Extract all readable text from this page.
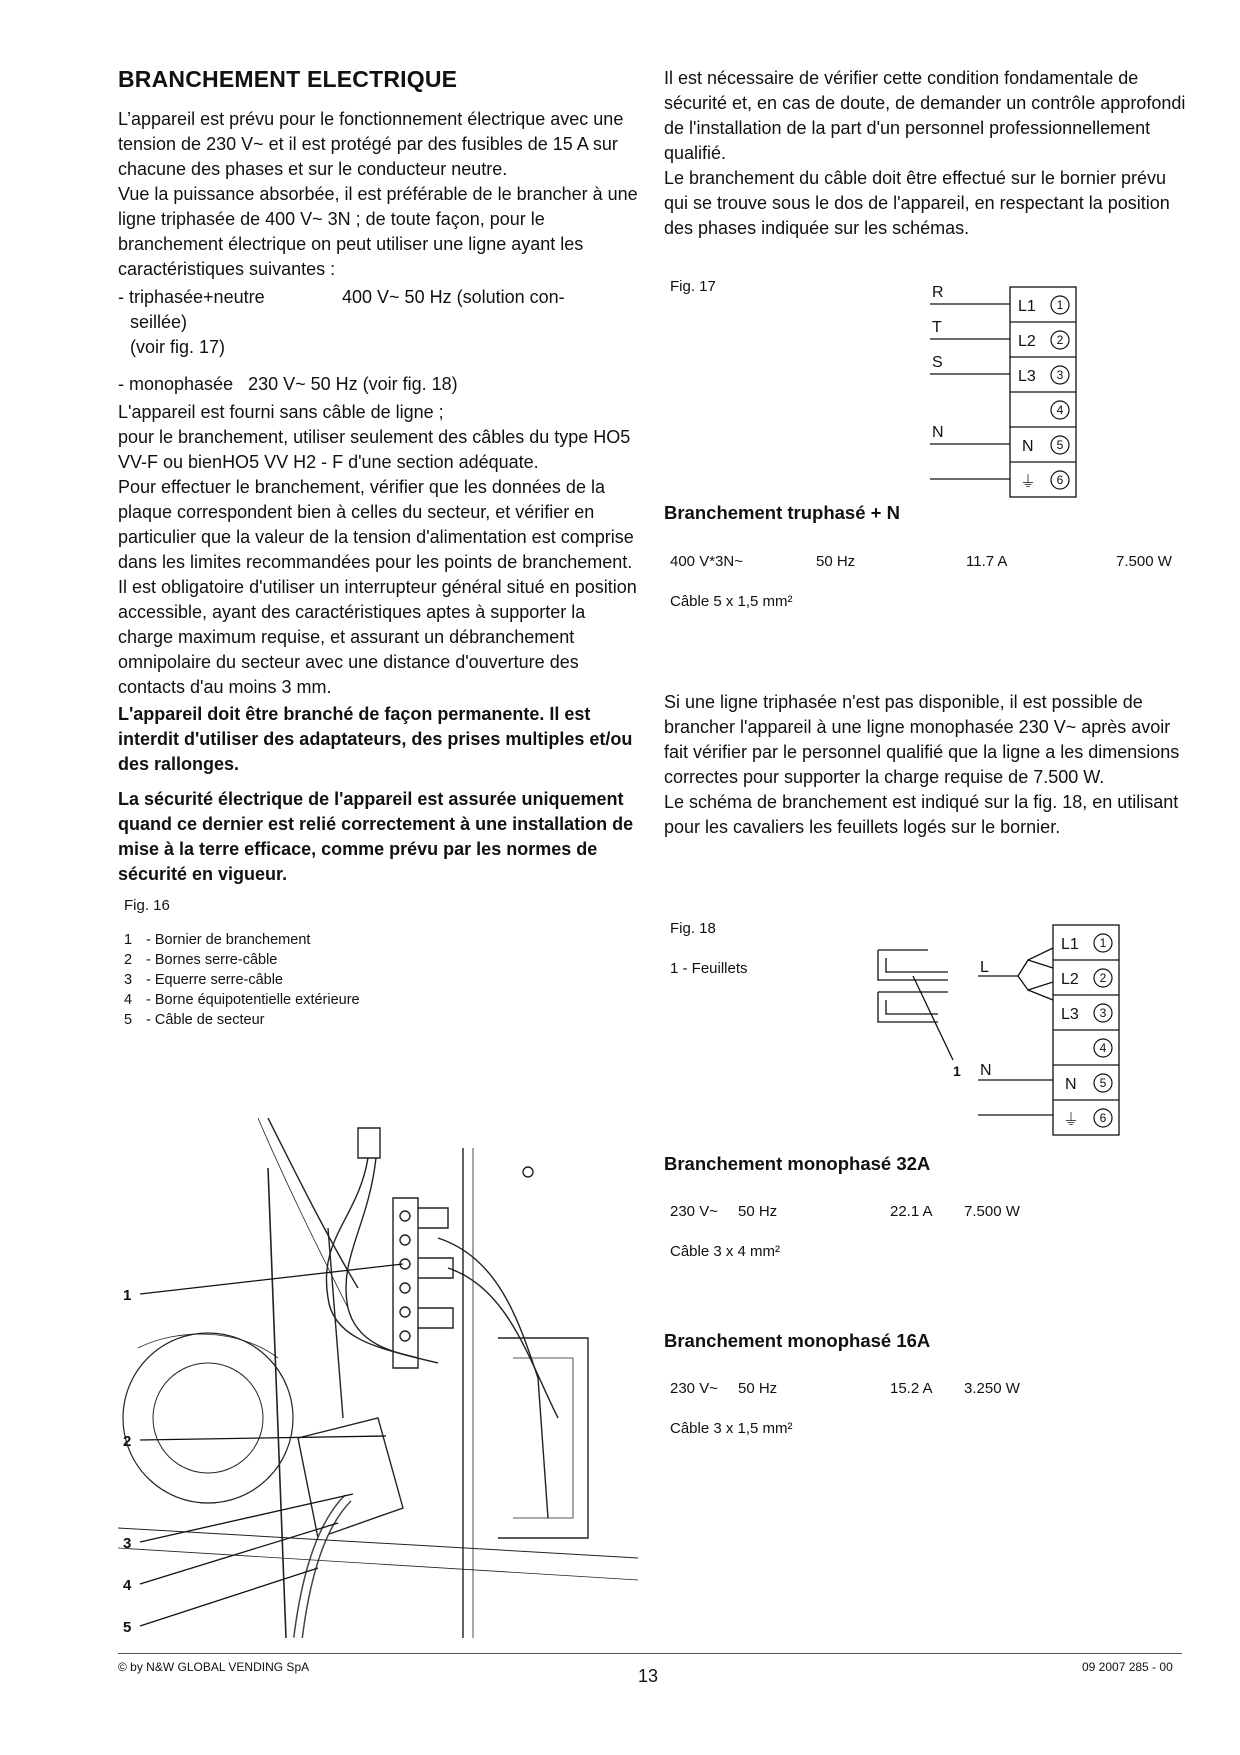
BRANCHEMENT ELECTRIQUE

L’appareil est prévu pour le fonctionnement électrique avec une tension de 230 V~ et il est protégé par des fusibles de 15 A sur chacune des phases et sur le conducteur neutre.

Vue la puissance absorbée, il est préférable de le brancher à une ligne triphasée de 400 V~ 3N ; de toute façon, pour le branchement électrique on peut utiliser une ligne ayant les caractéristiques suivantes :

- triphasée+neutre	400 V~ 50 Hz (solution con-
seillée)
(voir fig. 17)

- monophasée   230 V~ 50 Hz (voir fig. 18)

L'appareil est fourni sans câble de ligne ;

pour le branchement, utiliser seulement des câbles du type HO5 VV-F ou bienHO5 VV H2 - F d'une section adéquate.

Pour effectuer le branchement, vérifier que les données de la plaque correspondent bien à celles du secteur, et vérifier en particulier que la valeur de la tension d'alimentation est comprise dans les limites recommandées pour les points de branchement.

Il est obligatoire d'utiliser un interrupteur général situé en position accessible, ayant des caractéristiques aptes à supporter la charge maximum requise, et assurant un débranchement omnipolaire du secteur avec une distance d'ouverture des contacts d'au moins 3 mm.

L'appareil doit être branché de façon permanente. Il est interdit d'utiliser des adaptateurs, des prises multiples et/ou des rallonges.

La sécurité électrique de l'appareil est assurée uniquement quand ce dernier est relié correctement à une installation de mise à la terre efficace, comme prévu par les normes de sécurité en vigueur.

Fig. 16
1 - Bornier de branchement
2 - Bornes serre-câble
3 - Equerre serre-câble
4 - Borne équipotentielle extérieure
5 - Câble de secteur
1
2
3
4
5

Il est nécessaire de vérifier cette condition fondamentale de sécurité et, en cas de doute, de demander un contrôle approfondi de l'installation de la part d'un personnel professionnellement qualifié.

Le branchement du câble doit être effectué sur le bornier prévu qui se trouve sous le dos de l'appareil, en respectant la position des phases indiquée sur les schémas.

Fig. 17	R
T
S
N
L1
L2
L3
N
⏚
1
2
3
4
5
6
Branchement truphasé + N
400 V*3N~	50 Hz	11.7 A	7.500 W
Câble 5 x 1,5 mm²

Si une ligne triphasée n'est pas disponible, il est possible de brancher l'appareil à une ligne monophasée 230 V~ après avoir fait vérifier par le personnel qualifié que la ligne a les dimensions correctes pour supporter la charge requise de 7.500 W.

Le schéma de branchement est indiqué sur la fig. 18, en utilisant pour les cavaliers les feuillets logés sur le bornier.

Fig. 18
1 - Feuillets	L
N
1
L1
L2
L3
N
⏚
1
2
3
4
5
6
Branchement monophasé 32A
230 V~ 50 Hz	22.1 A 7.500 W
Câble 3 x 4 mm²
Branchement monophasé 16A
230 V~ 50 Hz	15.2 A 3.250 W
Câble 3 x 1,5 mm²
© by N&W GLOBAL VENDING SpA	13	09 2007 285 - 00
